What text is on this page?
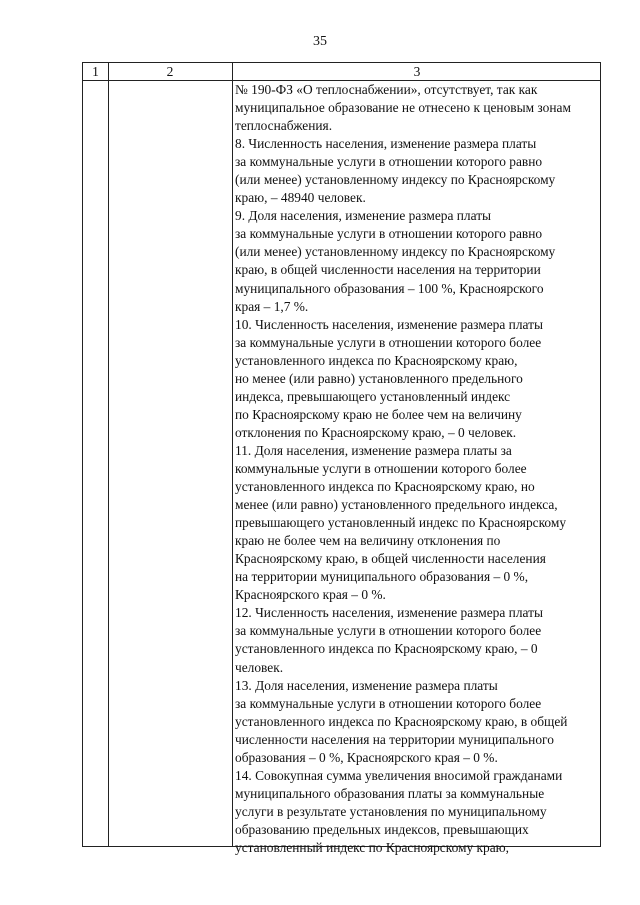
35
1	2	3
№ 190-ФЗ «О теплоснабжении», отсутствует, так как
муниципальное образование не отнесено к ценовым зонам
теплоснабжения.
8. Численность населения, изменение размера платы
за коммунальные услуги в отношении которого равно
(или менее) установленному индексу по Красноярскому
краю, – 48940 человек.
9. Доля населения, изменение размера платы
за коммунальные услуги в отношении которого равно
(или менее) установленному индексу по Красноярскому
краю, в общей численности населения на территории
муниципального образования – 100 %, Красноярского
края – 1,7 %.
10. Численность населения, изменение размера платы
за коммунальные услуги в отношении которого более
установленного индекса по Красноярскому краю,
но менее (или равно) установленного предельного
индекса, превышающего установленный индекс
по Красноярскому краю не более чем на величину
отклонения по Красноярскому краю, – 0 человек.
11. Доля населения, изменение размера платы за
коммунальные услуги в отношении которого более
установленного индекса по Красноярскому краю, но
менее (или равно) установленного предельного индекса,
превышающего установленный индекс по Красноярскому
краю не более чем на величину отклонения по
Красноярскому краю, в общей численности населения
на территории муниципального образования – 0 %,
Красноярского края – 0 %.
12. Численность населения, изменение размера платы
за коммунальные услуги в отношении которого более
установленного индекса по Красноярскому краю, – 0
человек.
13. Доля населения, изменение размера платы
за коммунальные услуги в отношении которого более
установленного индекса по Красноярскому краю, в общей
численности населения на территории муниципального
образования – 0 %, Красноярского края – 0 %.
14. Совокупная сумма увеличения вносимой гражданами
муниципального образования платы за коммунальные
услуги в результате установления по муниципальному
образованию предельных индексов, превышающих
установленный индекс по Красноярскому краю,
